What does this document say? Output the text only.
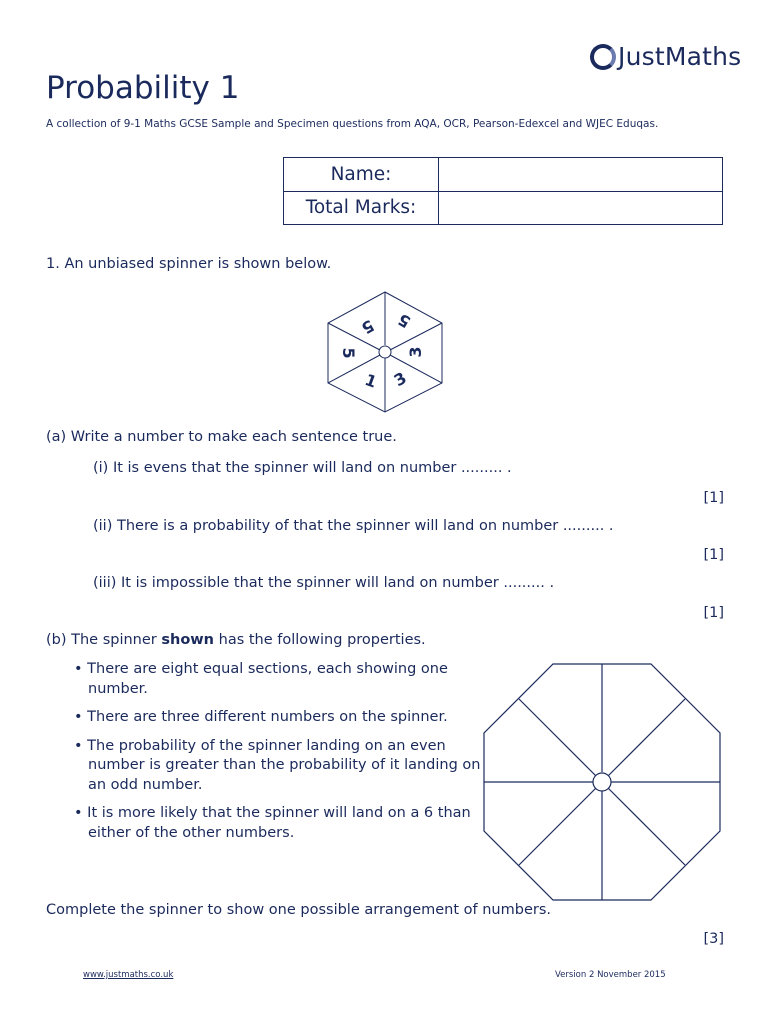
JustMaths
Probability 1
A collection of 9-1 Maths GCSE Sample and Specimen questions from AQA, OCR, Pearson-Edexcel and WJEC Eduqas.
Name:	
Total Marks:	
1. An unbiased spinner is shown below.
5 5
3
3
1
5
(a) Write a number to make each sentence true.
(i) It is evens that the spinner will land on number ......... .
[1]
(ii) There is a probability of that the spinner will land on number ......... .
[1]
(iii) It is impossible that the spinner will land on number ......... .
[1]
(b) The spinner shown has the following properties.
• There are eight equal sections, each showing one number.
• There are three different numbers on the spinner.
• The probability of the spinner landing on an even number is greater than the probability of it landing on an odd number.
• It is more likely that the spinner will land on a 6 than either of the other numbers.
Complete the spinner to show one possible arrangement of numbers.
[3]
www.justmaths.co.uk	Version 2 November 2015
